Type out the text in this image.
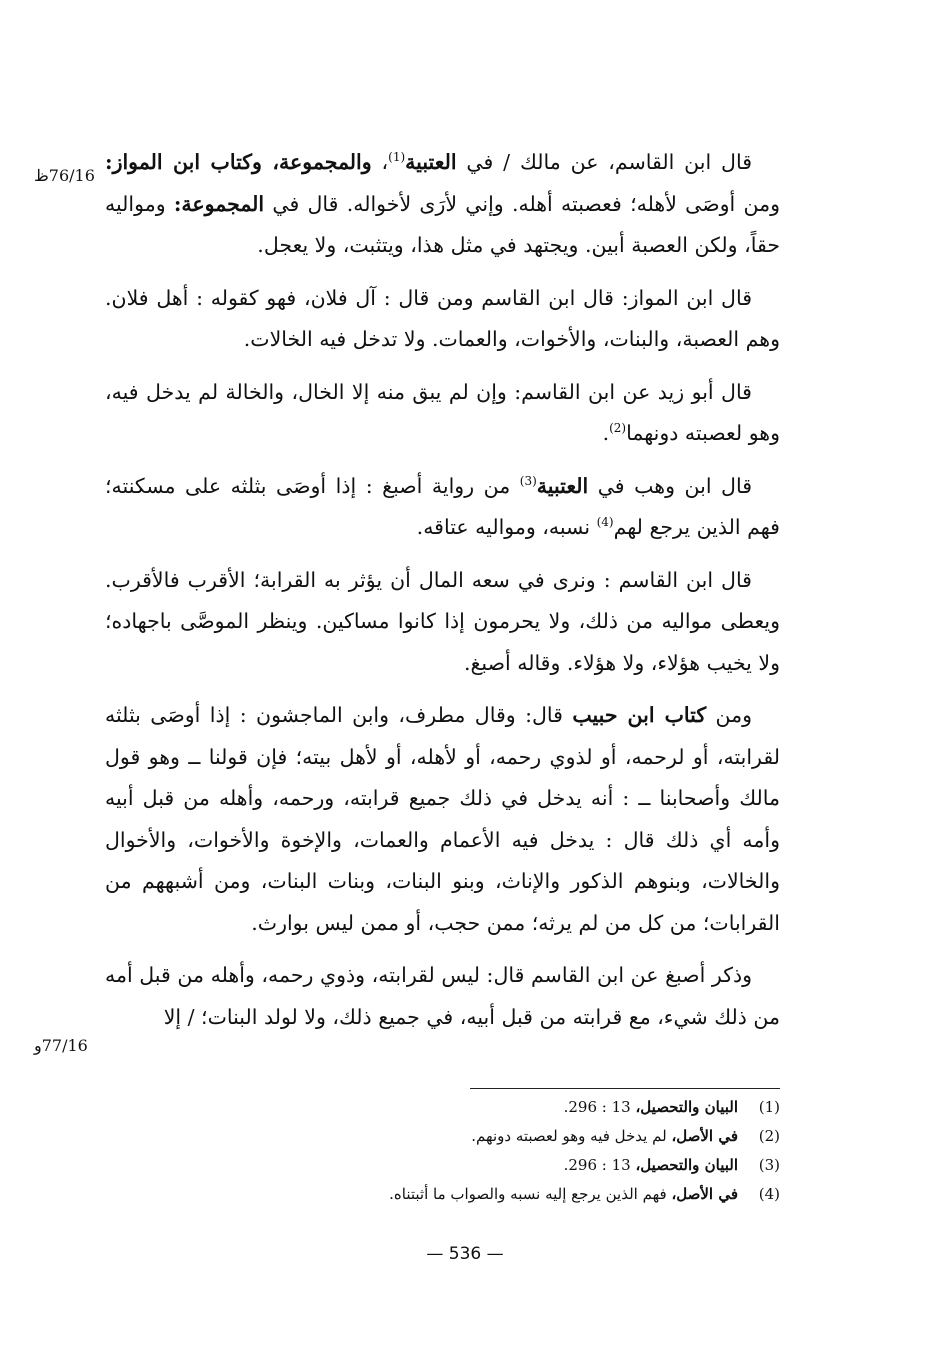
76/16ظ
77/16و

قال ابن القاسم، عن مالك / في العتبية$^{(1)}$، والمجموعة، وكتاب ابن المواز: ومن أوصَى لأهله؛ فعصبته أهله. وإني لأرَى لأخواله. قال في المجموعة: ومواليه حقاً، ولكن العصبة أبين. ويجتهد في مثل هذا، ويتثبت، ولا يعجل.

قال ابن المواز: قال ابن القاسم ومن قال : آل فلان، فهو كقوله : أهل فلان. وهم العصبة، والبنات، والأخوات، والعمات. ولا تدخل فيه الخالات.

قال أبو زيد عن ابن القاسم: وإن لم يبق منه إلا الخال، والخالة لم يدخل فيه، وهو لعصبته دونهما$^{(2)}$.

قال ابن وهب في العتبية$^{(3)}$ من رواية أصبغ : إذا أوصَى بثلثه على مسكنته؛ فهم الذين يرجع لهم$^{(4)}$ نسبه، ومواليه عتاقه.

قال ابن القاسم : ونرى في سعه المال أن يؤثر به القرابة؛ الأقرب فالأقرب. ويعطى مواليه من ذلك، ولا يحرمون إذا كانوا مساكين. وينظر الموصَّى باجهاده؛ ولا يخيب هؤلاء، ولا هؤلاء. وقاله أصبغ.

ومن كتاب ابن حبيب قال: وقال مطرف، وابن الماجشون : إذا أوصَى بثلثه لقرابته، أو لرحمه، أو لذوي رحمه، أو لأهله، أو لأهل بيته؛ فإن قولنا ــ وهو قول مالك وأصحابنا ــ : أنه يدخل في ذلك جميع قرابته، ورحمه، وأهله من قبل أبيه وأمه أي ذلك قال : يدخل فيه الأعمام والعمات، والإخوة والأخوات، والأخوال والخالات، وبنوهم الذكور والإناث، وبنو البنات، وبنات البنات، ومن أشبههم من القرابات؛ من كل من لم يرثه؛ ممن حجب، أو ممن ليس بوارث.

وذكر أصبغ عن ابن القاسم قال: ليس لقرابته، وذوي رحمه، وأهله من قبل أمه من ذلك شيء، مع قرابته من قبل أبيه، في جميع ذلك، ولا لولد البنات؛ / إلا

(1)البيان والتحصيل، 13 : 296.
(2)في الأصل، لم يدخل فيه وهو لعصبته دونهم.
(3)البيان والتحصيل، 13 : 296.
(4)في الأصل، فهم الذين يرجع إليه نسبه والصواب ما أثبتناه.
— 536 —
